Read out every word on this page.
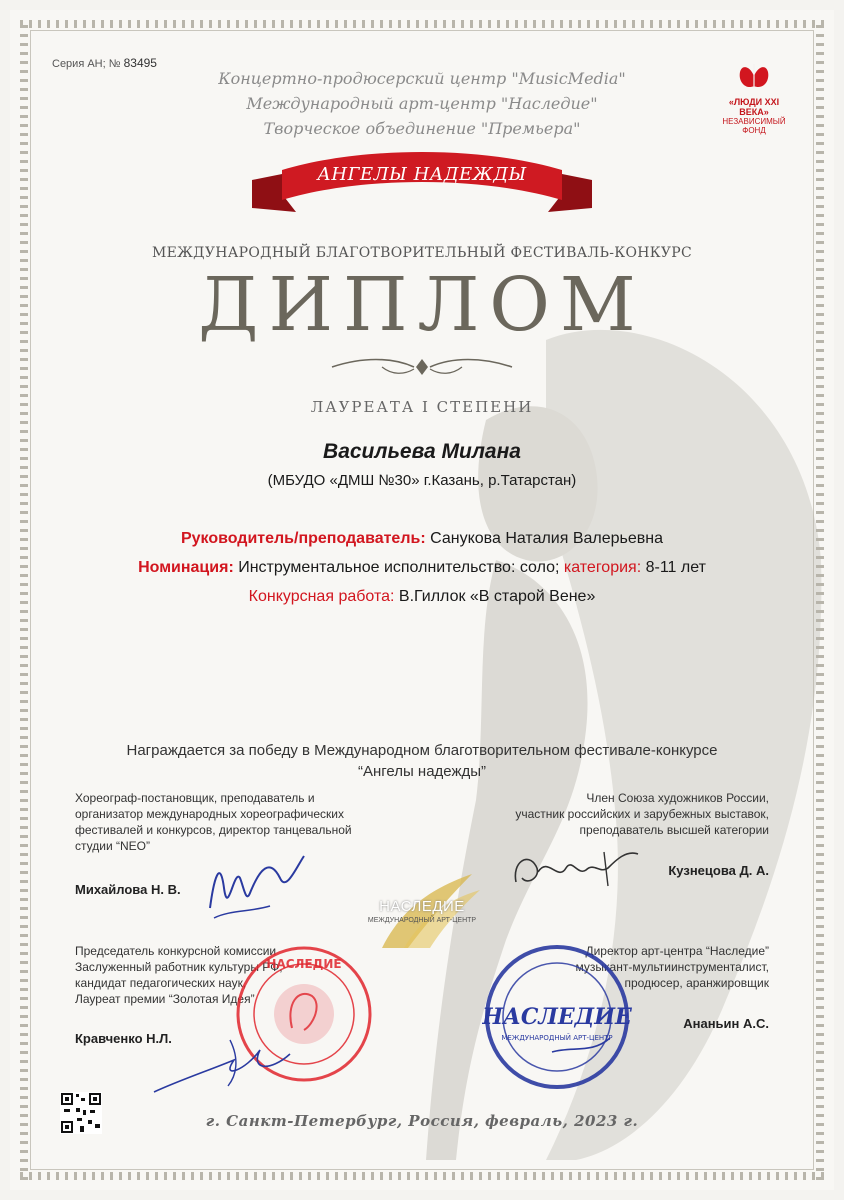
Серия АН; № 83495
Концертно-продюсерский центр "MusicMedia"
Международный арт-центр "Наследие"
Творческое объединение "Премьера"
«ЛЮДИ XXI ВЕКА»
НЕЗАВИСИМЫЙ ФОНД
АНГЕЛЫ НАДЕЖДЫ
МЕЖДУНАРОДНЫЙ БЛАГОТВОРИТЕЛЬНЫЙ ФЕСТИВАЛЬ-КОНКУРС
ДИПЛОМ
ЛАУРЕАТА I СТЕПЕНИ
Васильева Милана
(МБУДО «ДМШ №30» г.Казань, р.Татарстан)
Руководитель/преподаватель: Санукова Наталия Валерьевна
Номинация: Инструментальное исполнительство: соло; категория: 8-11 лет
Конкурсная работа: В.Гиллок «В старой Вене»
Награждается за победу в Международном благотворительном фестивале-конкурсе
“Ангелы надежды”
Хореограф-постановщик, преподаватель и
организатор международных хореографических
фестивалей и конкурсов, директор танцевальной
студии “NEO”
Михайлова Н. В.
Член Союза художников России,
участник российских и зарубежных выставок,
преподаватель высшей категории
Кузнецова Д. А.
НАСЛЕДИЕ
МЕЖДУНАРОДНЫЙ АРТ-ЦЕНТР
Председатель конкурсной комиссии
Заслуженный работник культуры РФ,
кандидат педагогических наук,
Лауреат премии “Золотая Идея”
Кравченко Н.Л.
Директор арт-центра “Наследие”
музыкант-мультиинструменталист,
продюсер, аранжировщик
Ананьин А.С.
НАСЛЕДИЕ
НАСЛЕДИЕ
МЕЖДУНАРОДНЫЙ АРТ-ЦЕНТР
г. Санкт-Петербург, Россия, февраль, 2023 г.
